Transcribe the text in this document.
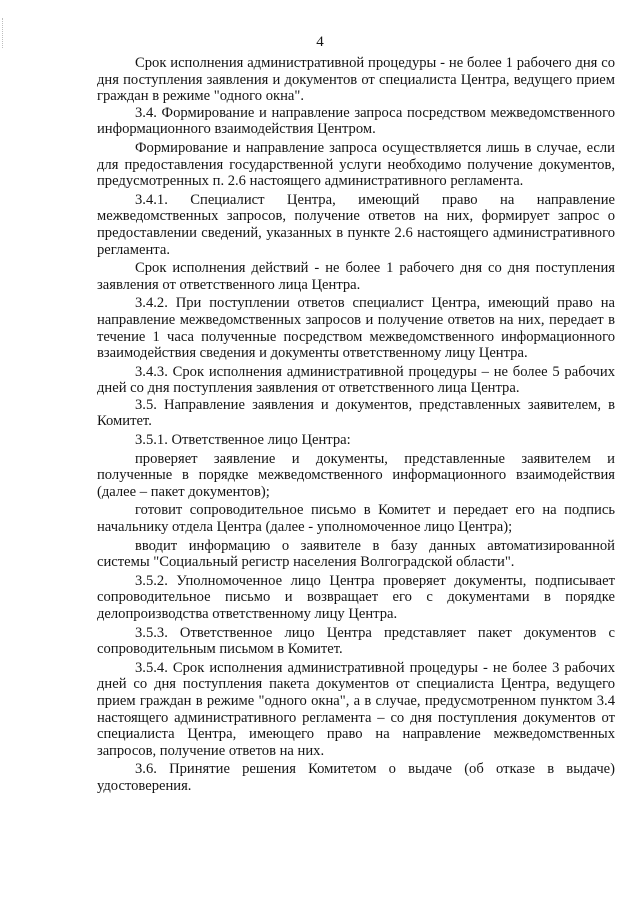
4

Срок исполнения административной процедуры - не более 1 рабочего дня со дня поступления заявления и документов от специалиста Центра, ведущего прием граждан в режиме "одного окна".

3.4. Формирование и направление запроса посредством межведомственного информационного взаимодействия Центром.

Формирование и направление запроса осуществляется лишь в случае, если для предоставления государственной услуги необходимо получение документов, предусмотренных п. 2.6 настоящего административного регламента.

3.4.1. Специалист Центра, имеющий право на направление межведомственных запросов, получение ответов на них, формирует запрос о предоставлении сведений, указанных в пункте 2.6 настоящего административного регламента.

Срок исполнения действий - не более 1 рабочего дня со дня поступления заявления от ответственного лица Центра.

3.4.2. При поступлении ответов специалист Центра, имеющий право на направление межведомственных запросов и получение ответов на них, передает в течение 1 часа полученные посредством межведомственного информационного взаимодействия сведения и документы ответственному лицу Центра.

3.4.3. Срок исполнения административной процедуры – не более 5 рабочих дней со дня поступления заявления от ответственного лица Центра.

3.5. Направление заявления и документов, представленных заявителем, в Комитет.

3.5.1. Ответственное лицо Центра:

проверяет заявление и документы, представленные заявителем и полученные в порядке межведомственного информационного взаимодействия (далее – пакет документов);

готовит сопроводительное письмо в Комитет и передает его на подпись начальнику отдела Центра (далее - уполномоченное лицо Центра);

вводит информацию о заявителе в базу данных автоматизированной системы "Социальный регистр населения Волгоградской области".

3.5.2. Уполномоченное лицо Центра проверяет документы, подписывает сопроводительное письмо и возвращает его с документами в порядке делопроизводства ответственному лицу Центра.

3.5.3. Ответственное лицо Центра представляет пакет документов с сопроводительным письмом в Комитет.

3.5.4. Срок исполнения административной процедуры - не более 3 рабочих дней со дня поступления пакета документов от специалиста Центра, ведущего прием граждан в режиме "одного окна", а в случае, предусмотренном пунктом 3.4 настоящего административного регламента – со дня поступления документов от специалиста Центра, имеющего право на направление межведомственных запросов, получение ответов на них.

3.6. Принятие решения Комитетом о выдаче (об отказе в выдаче) удостоверения.
